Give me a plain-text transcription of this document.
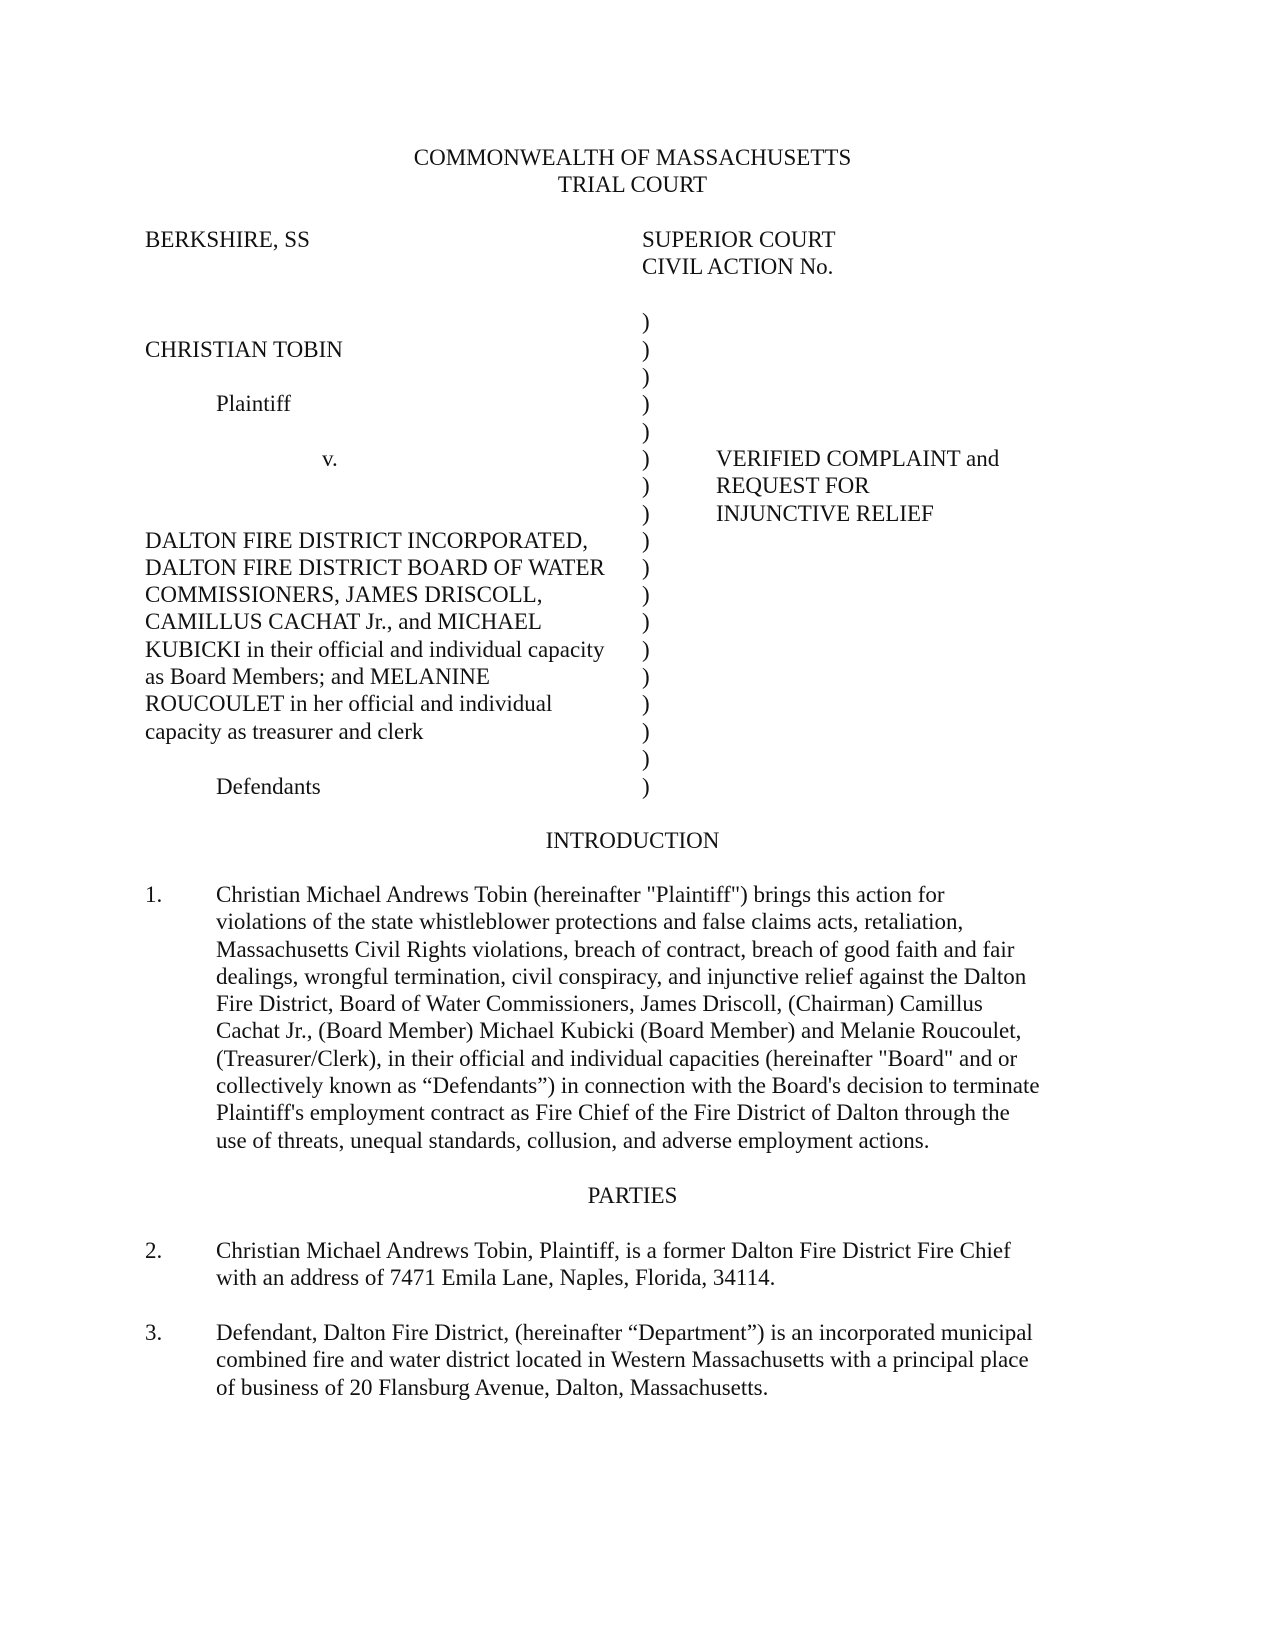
COMMONWEALTH OF MASSACHUSETTS
TRIAL COURT
BERKSHIRE, SS	SUPERIOR COURT
CIVIL ACTION No.
CHRISTIAN TOBIN
Plaintiff
v.
DALTON FIRE DISTRICT INCORPORATED,
DALTON FIRE DISTRICT BOARD OF WATER
COMMISSIONERS, JAMES DRISCOLL,
CAMILLUS CACHAT Jr., and MICHAEL
KUBICKI in their official and individual capacity
as Board Members; and MELANINE
ROUCOULET in her official and individual
capacity as treasurer and clerk
Defendants
)
)
)
)
)
)
)
)
)
)
)
)
)
)
)
)
)
)
VERIFIED COMPLAINT and
REQUEST FOR
INJUNCTIVE RELIEF
INTRODUCTION
1. Christian Michael Andrews Tobin (hereinafter "Plaintiff") brings this action for
violations of the state whistleblower protections and false claims acts, retaliation,
Massachusetts Civil Rights violations, breach of contract, breach of good faith and fair
dealings, wrongful termination, civil conspiracy, and injunctive relief against the Dalton
Fire District, Board of Water Commissioners, James Driscoll, (Chairman) Camillus
Cachat Jr., (Board Member) Michael Kubicki (Board Member) and Melanie Roucoulet,
(Treasurer/Clerk), in their official and individual capacities (hereinafter "Board" and or
collectively known as “Defendants”) in connection with the Board's decision to terminate
Plaintiff's employment contract as Fire Chief of the Fire District of Dalton through the
use of threats, unequal standards, collusion, and adverse employment actions.
PARTIES
2. Christian Michael Andrews Tobin, Plaintiff, is a former Dalton Fire District Fire Chief
with an address of 7471 Emila Lane, Naples, Florida, 34114.
3. Defendant, Dalton Fire District, (hereinafter “Department”) is an incorporated municipal
combined fire and water district located in Western Massachusetts with a principal place
of business of 20 Flansburg Avenue, Dalton, Massachusetts.
